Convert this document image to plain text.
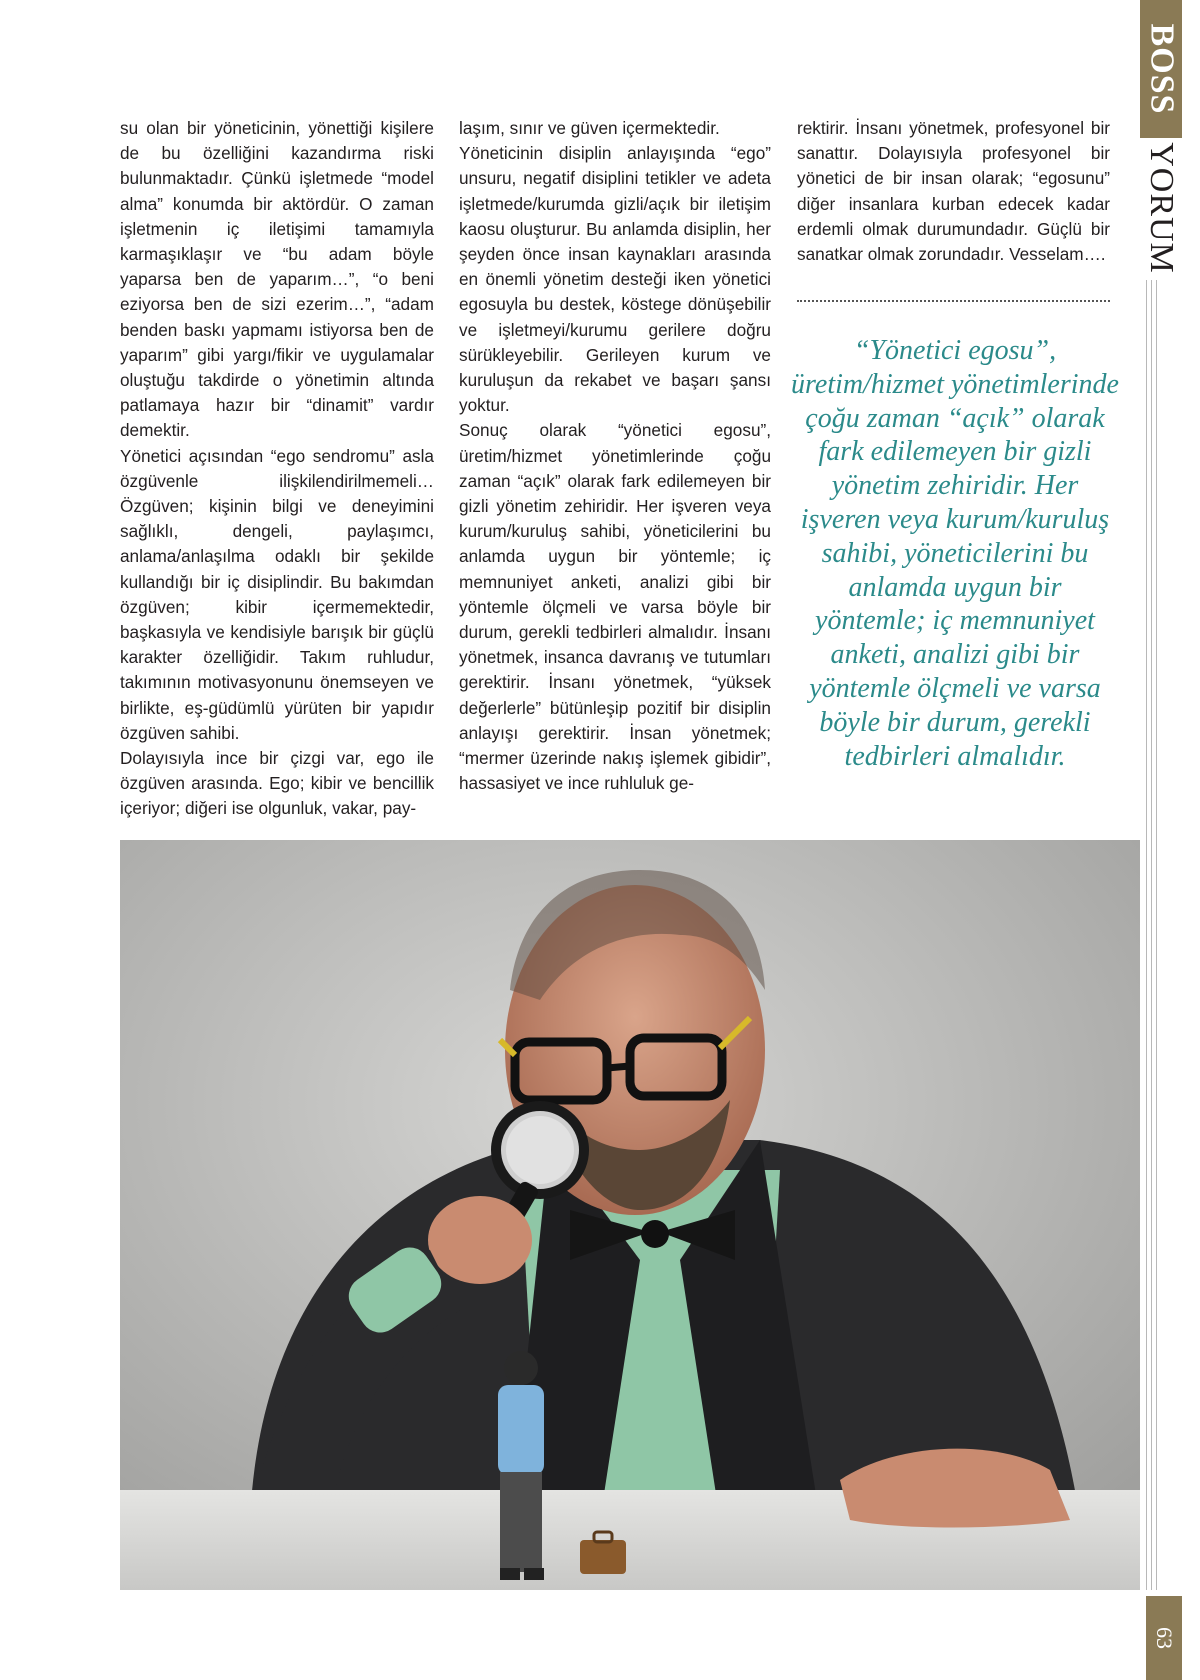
BOSS
YORUM
63

su olan bir yöneticinin, yönettiği kişilere de bu özelliğini kazandırma riski bulunmaktadır. Çünkü işletmede “model alma” konumda bir aktördür. O zaman işletmenin iç iletişimi tamamıyla karmaşıklaşır ve “bu adam böyle yaparsa ben de yaparım…”, “o beni eziyorsa ben de sizi ezerim…”, “adam benden baskı yapmamı istiyorsa ben de yaparım” gibi yargı/fikir ve uygulamalar oluştuğu takdirde o yönetimin altında patlamaya hazır bir “dinamit” vardır demektir.

Yönetici açısından “ego sendromu” asla özgüvenle ilişkilendirilmemeli… Özgüven; kişinin bilgi ve deneyimini sağlıklı, dengeli, paylaşımcı, anlama/anlaşılma odaklı bir şekilde kullandığı bir iç disiplindir. Bu bakımdan özgüven; kibir içermemektedir, başkasıyla ve kendisiyle barışık bir güçlü karakter özelliğidir. Takım ruhludur, takımının motivasyonunu önemseyen ve birlikte, eş-güdümlü yürüten bir yapıdır özgüven sahibi.

Dolayısıyla ince bir çizgi var, ego ile özgüven arasında. Ego; kibir ve bencillik içeriyor; diğeri ise olgunluk, vakar, pay-

laşım, sınır ve güven içermektedir.

Yöneticinin disiplin anlayışında “ego” unsuru, negatif disiplini tetikler ve adeta işletmede/kurumda gizli/açık bir iletişim kaosu oluşturur. Bu anlamda disiplin, her şeyden önce insan kaynakları arasında en önemli yönetim desteği iken yönetici egosuyla bu destek, köstege dönüşebilir ve işletmeyi/kurumu gerilere doğru sürükleyebilir. Gerileyen kurum ve kuruluşun da rekabet ve başarı şansı yoktur.

Sonuç olarak “yönetici egosu”, üretim/hizmet yönetimlerinde çoğu zaman “açık” olarak fark edilemeyen bir gizli yönetim zehiridir. Her işveren veya kurum/kuruluş sahibi, yöneticilerini bu anlamda uygun bir yöntemle; iç memnuniyet anketi, analizi gibi bir yöntemle ölçmeli ve varsa böyle bir durum, gerekli tedbirleri almalıdır. İnsanı yönetmek, insanca davranış ve tutumları gerektirir. İnsanı yönetmek, “yüksek değerlerle” bütünleşip pozitif bir disiplin anlayışı gerektirir. İnsan yönetmek; “mermer üzerinde nakış işlemek gibidir”, hassasiyet ve ince ruhluluk ge-

rektirir. İnsanı yönetmek, profesyonel bir sanattır. Dolayısıyla profesyonel bir yönetici de bir insan olarak; “egosunu” diğer insanlara kurban edecek kadar erdemli olmak durumundadır. Güçlü bir sanatkar olmak zorundadır. Vesselam….

“Yönetici egosu”, üretim/hizmet yönetimlerinde çoğu zaman “açık” olarak fark edilemeyen bir gizli yönetim zehiridir. Her işveren veya kurum/kuruluş sahibi, yöneticilerini bu anlamda uygun bir yöntemle; iç memnuniyet anketi, analizi gibi bir yöntemle ölçmeli ve varsa böyle bir durum, gerekli tedbirleri almalıdır.
